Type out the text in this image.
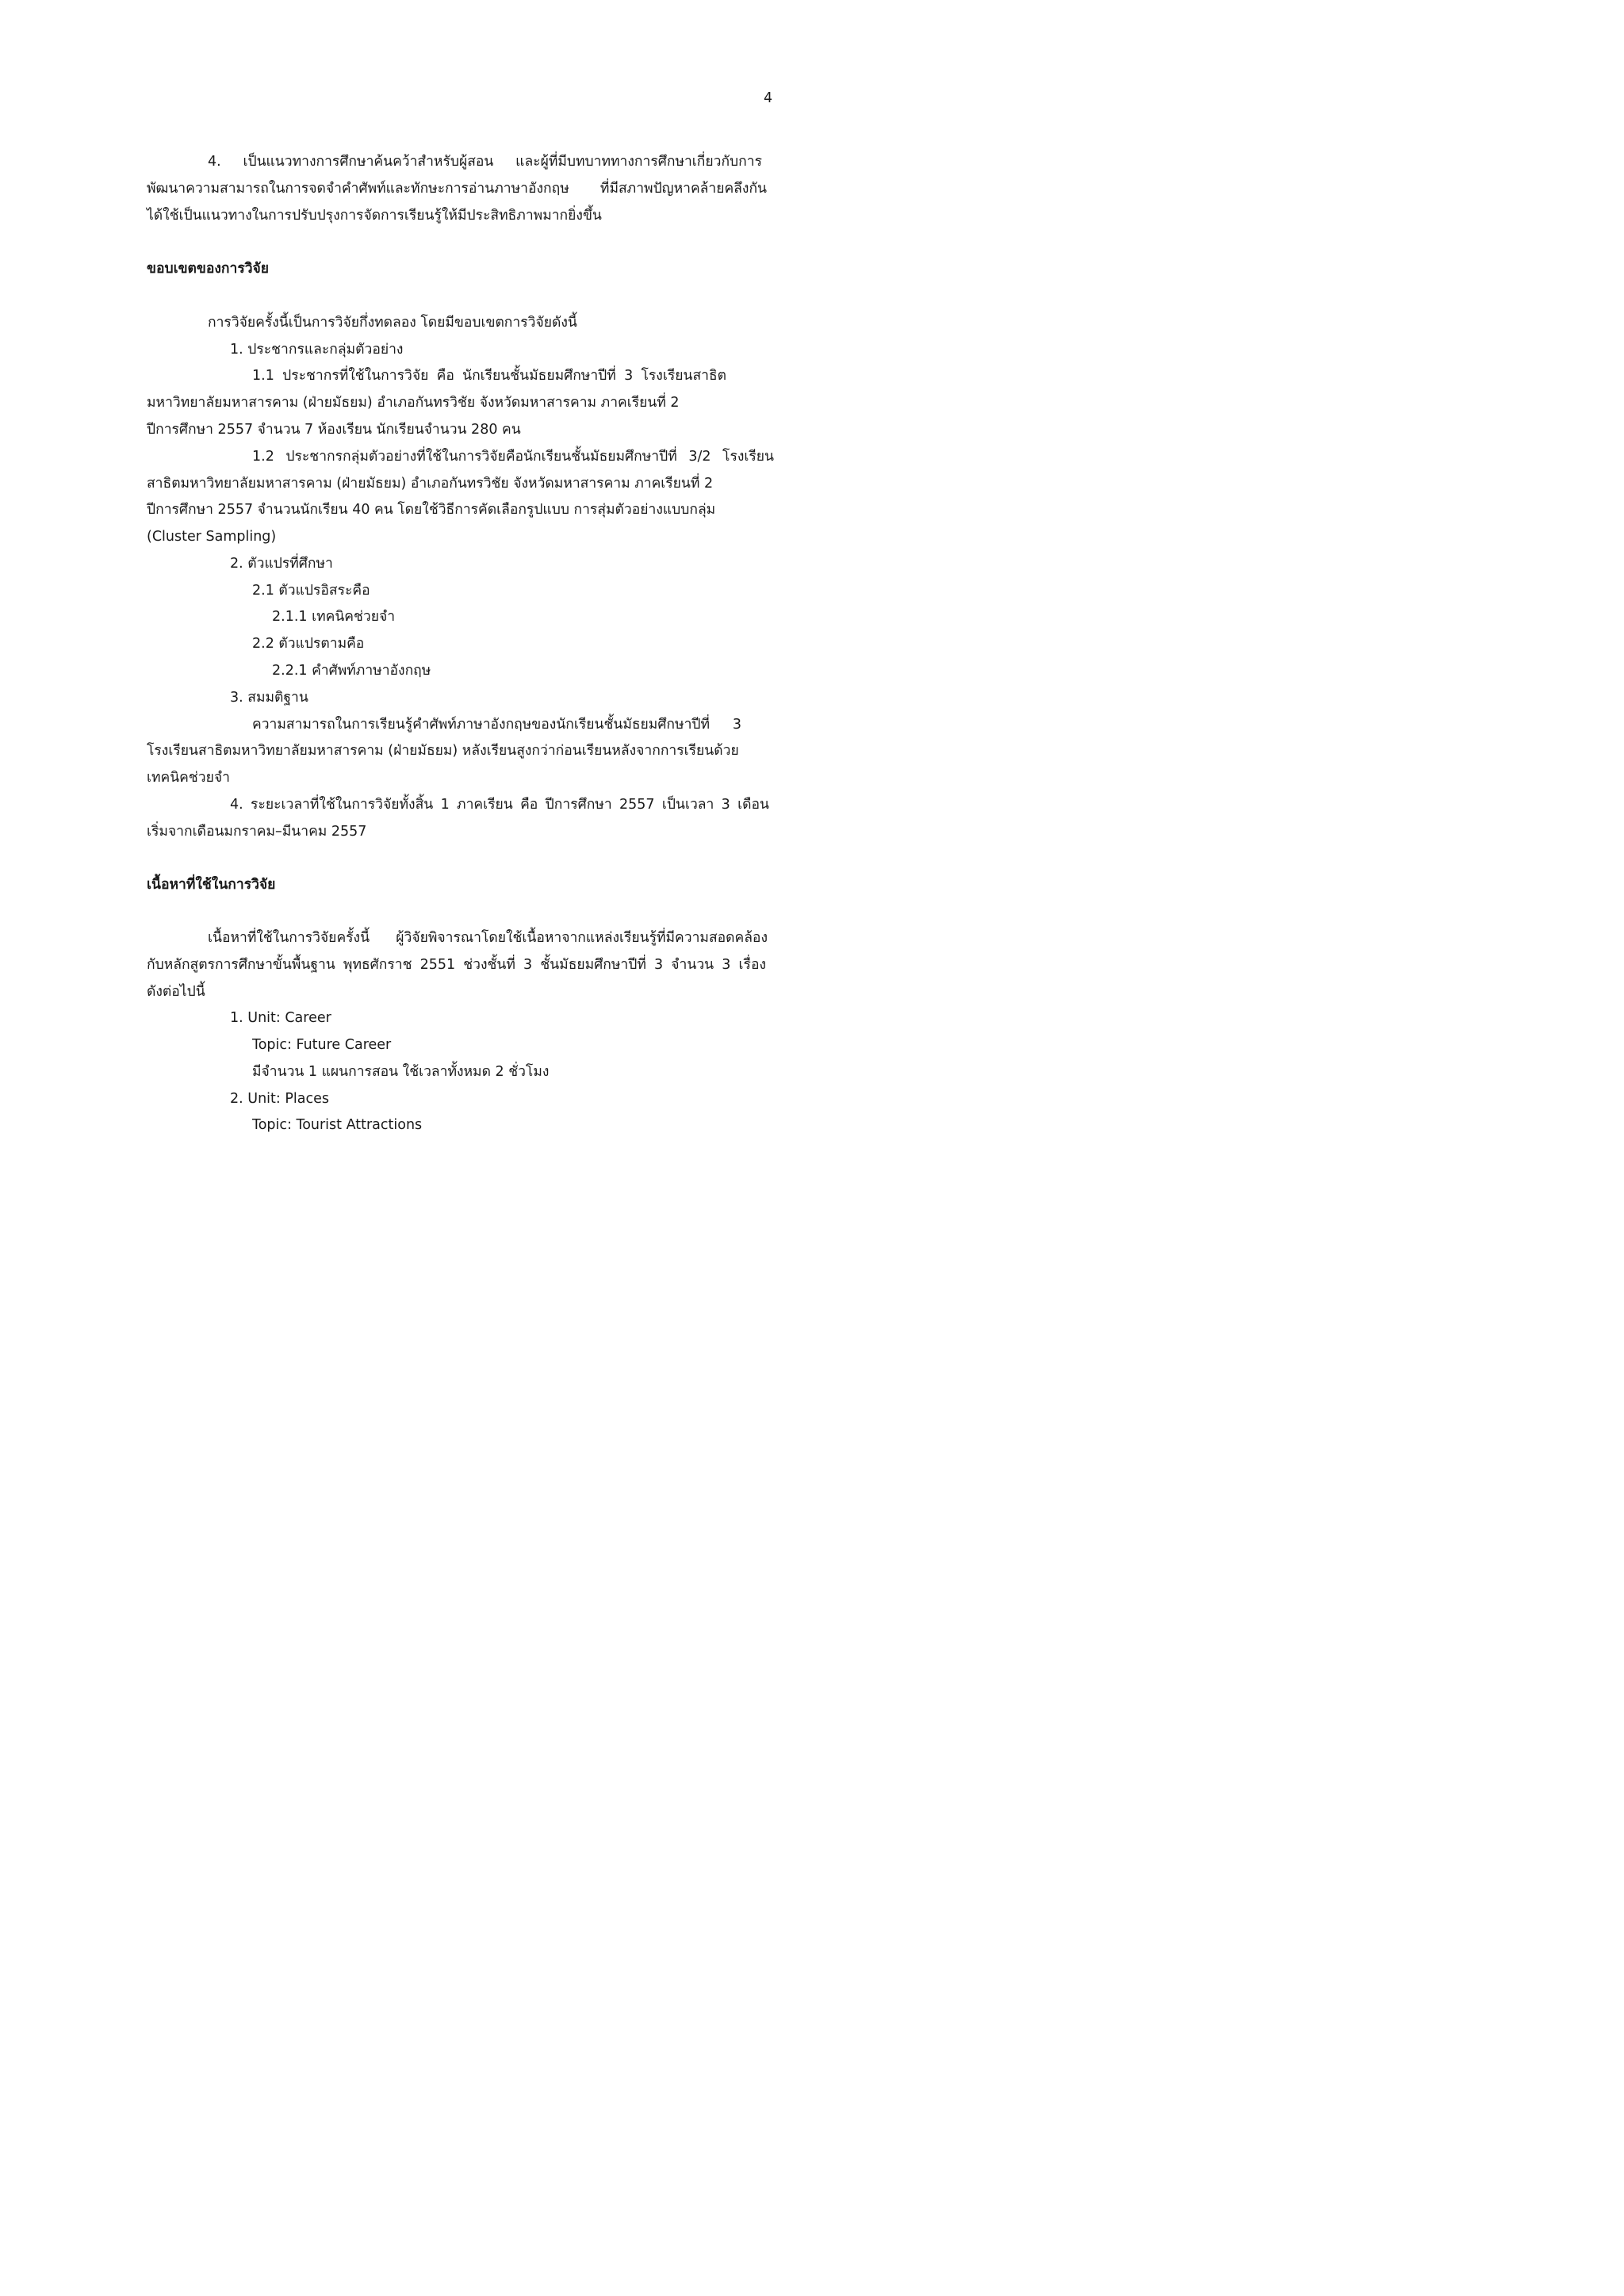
4
4. เป็นแนวทางการศึกษาค้นคว้าสำหรับผู้สอน และผู้ที่มีบทบาททางการศึกษาเกี่ยวกับการ
พัฒนาความสามารถในการจดจำคำศัพท์และทักษะการอ่านภาษาอังกฤษ ที่มีสภาพปัญหาคล้ายคลึงกัน
ได้ใช้เป็นแนวทางในการปรับปรุงการจัดการเรียนรู้ให้มีประสิทธิภาพมากยิ่งขึ้น
ขอบเขตของการวิจัย
การวิจัยครั้งนี้เป็นการวิจัยกึ่งทดลอง โดยมีขอบเขตการวิจัยดังนี้
1. ประชากรและกลุ่มตัวอย่าง
1.1 ประชากรที่ใช้ในการวิจัย คือ นักเรียนชั้นมัธยมศึกษาปีที่ 3 โรงเรียนสาธิต
มหาวิทยาลัยมหาสารคาม (ฝ่ายมัธยม) อำเภอกันทรวิชัย จังหวัดมหาสารคาม ภาคเรียนที่ 2
ปีการศึกษา 2557 จำนวน 7 ห้องเรียน นักเรียนจำนวน 280 คน
1.2 ประชากรกลุ่มตัวอย่างที่ใช้ในการวิจัยคือนักเรียนชั้นมัธยมศึกษาปีที่ 3/2 โรงเรียน
สาธิตมหาวิทยาลัยมหาสารคาม (ฝ่ายมัธยม) อำเภอกันทรวิชัย จังหวัดมหาสารคาม ภาคเรียนที่ 2
ปีการศึกษา 2557 จำนวนนักเรียน 40 คน โดยใช้วิธีการคัดเลือกรูปแบบ การสุ่มตัวอย่างแบบกลุ่ม
(Cluster Sampling)
2. ตัวแปรที่ศึกษา
2.1 ตัวแปรอิสระคือ
2.1.1 เทคนิคช่วยจำ
2.2 ตัวแปรตามคือ
2.2.1 คำศัพท์ภาษาอังกฤษ
3. สมมติฐาน
ความสามารถในการเรียนรู้คำศัพท์ภาษาอังกฤษของนักเรียนชั้นมัธยมศึกษาปีที่ 3
โรงเรียนสาธิตมหาวิทยาลัยมหาสารคาม (ฝ่ายมัธยม) หลังเรียนสูงกว่าก่อนเรียนหลังจากการเรียนด้วย
เทคนิคช่วยจำ
4. ระยะเวลาที่ใช้ในการวิจัยทั้งสิ้น 1 ภาคเรียน คือ ปีการศึกษา 2557 เป็นเวลา 3 เดือน
เริ่มจากเดือนมกราคม–มีนาคม 2557
เนื้อหาที่ใช้ในการวิจัย
เนื้อหาที่ใช้ในการวิจัยครั้งนี้ ผู้วิจัยพิจารณาโดยใช้เนื้อหาจากแหล่งเรียนรู้ที่มีความสอดคล้อง
กับหลักสูตรการศึกษาขั้นพื้นฐาน พุทธศักราช 2551 ช่วงชั้นที่ 3 ชั้นมัธยมศึกษาปีที่ 3 จำนวน 3 เรื่อง
ดังต่อไปนี้
1. Unit: Career
Topic: Future Career
มีจำนวน 1 แผนการสอน ใช้เวลาทั้งหมด 2 ชั่วโมง
2. Unit: Places
Topic: Tourist Attractions
